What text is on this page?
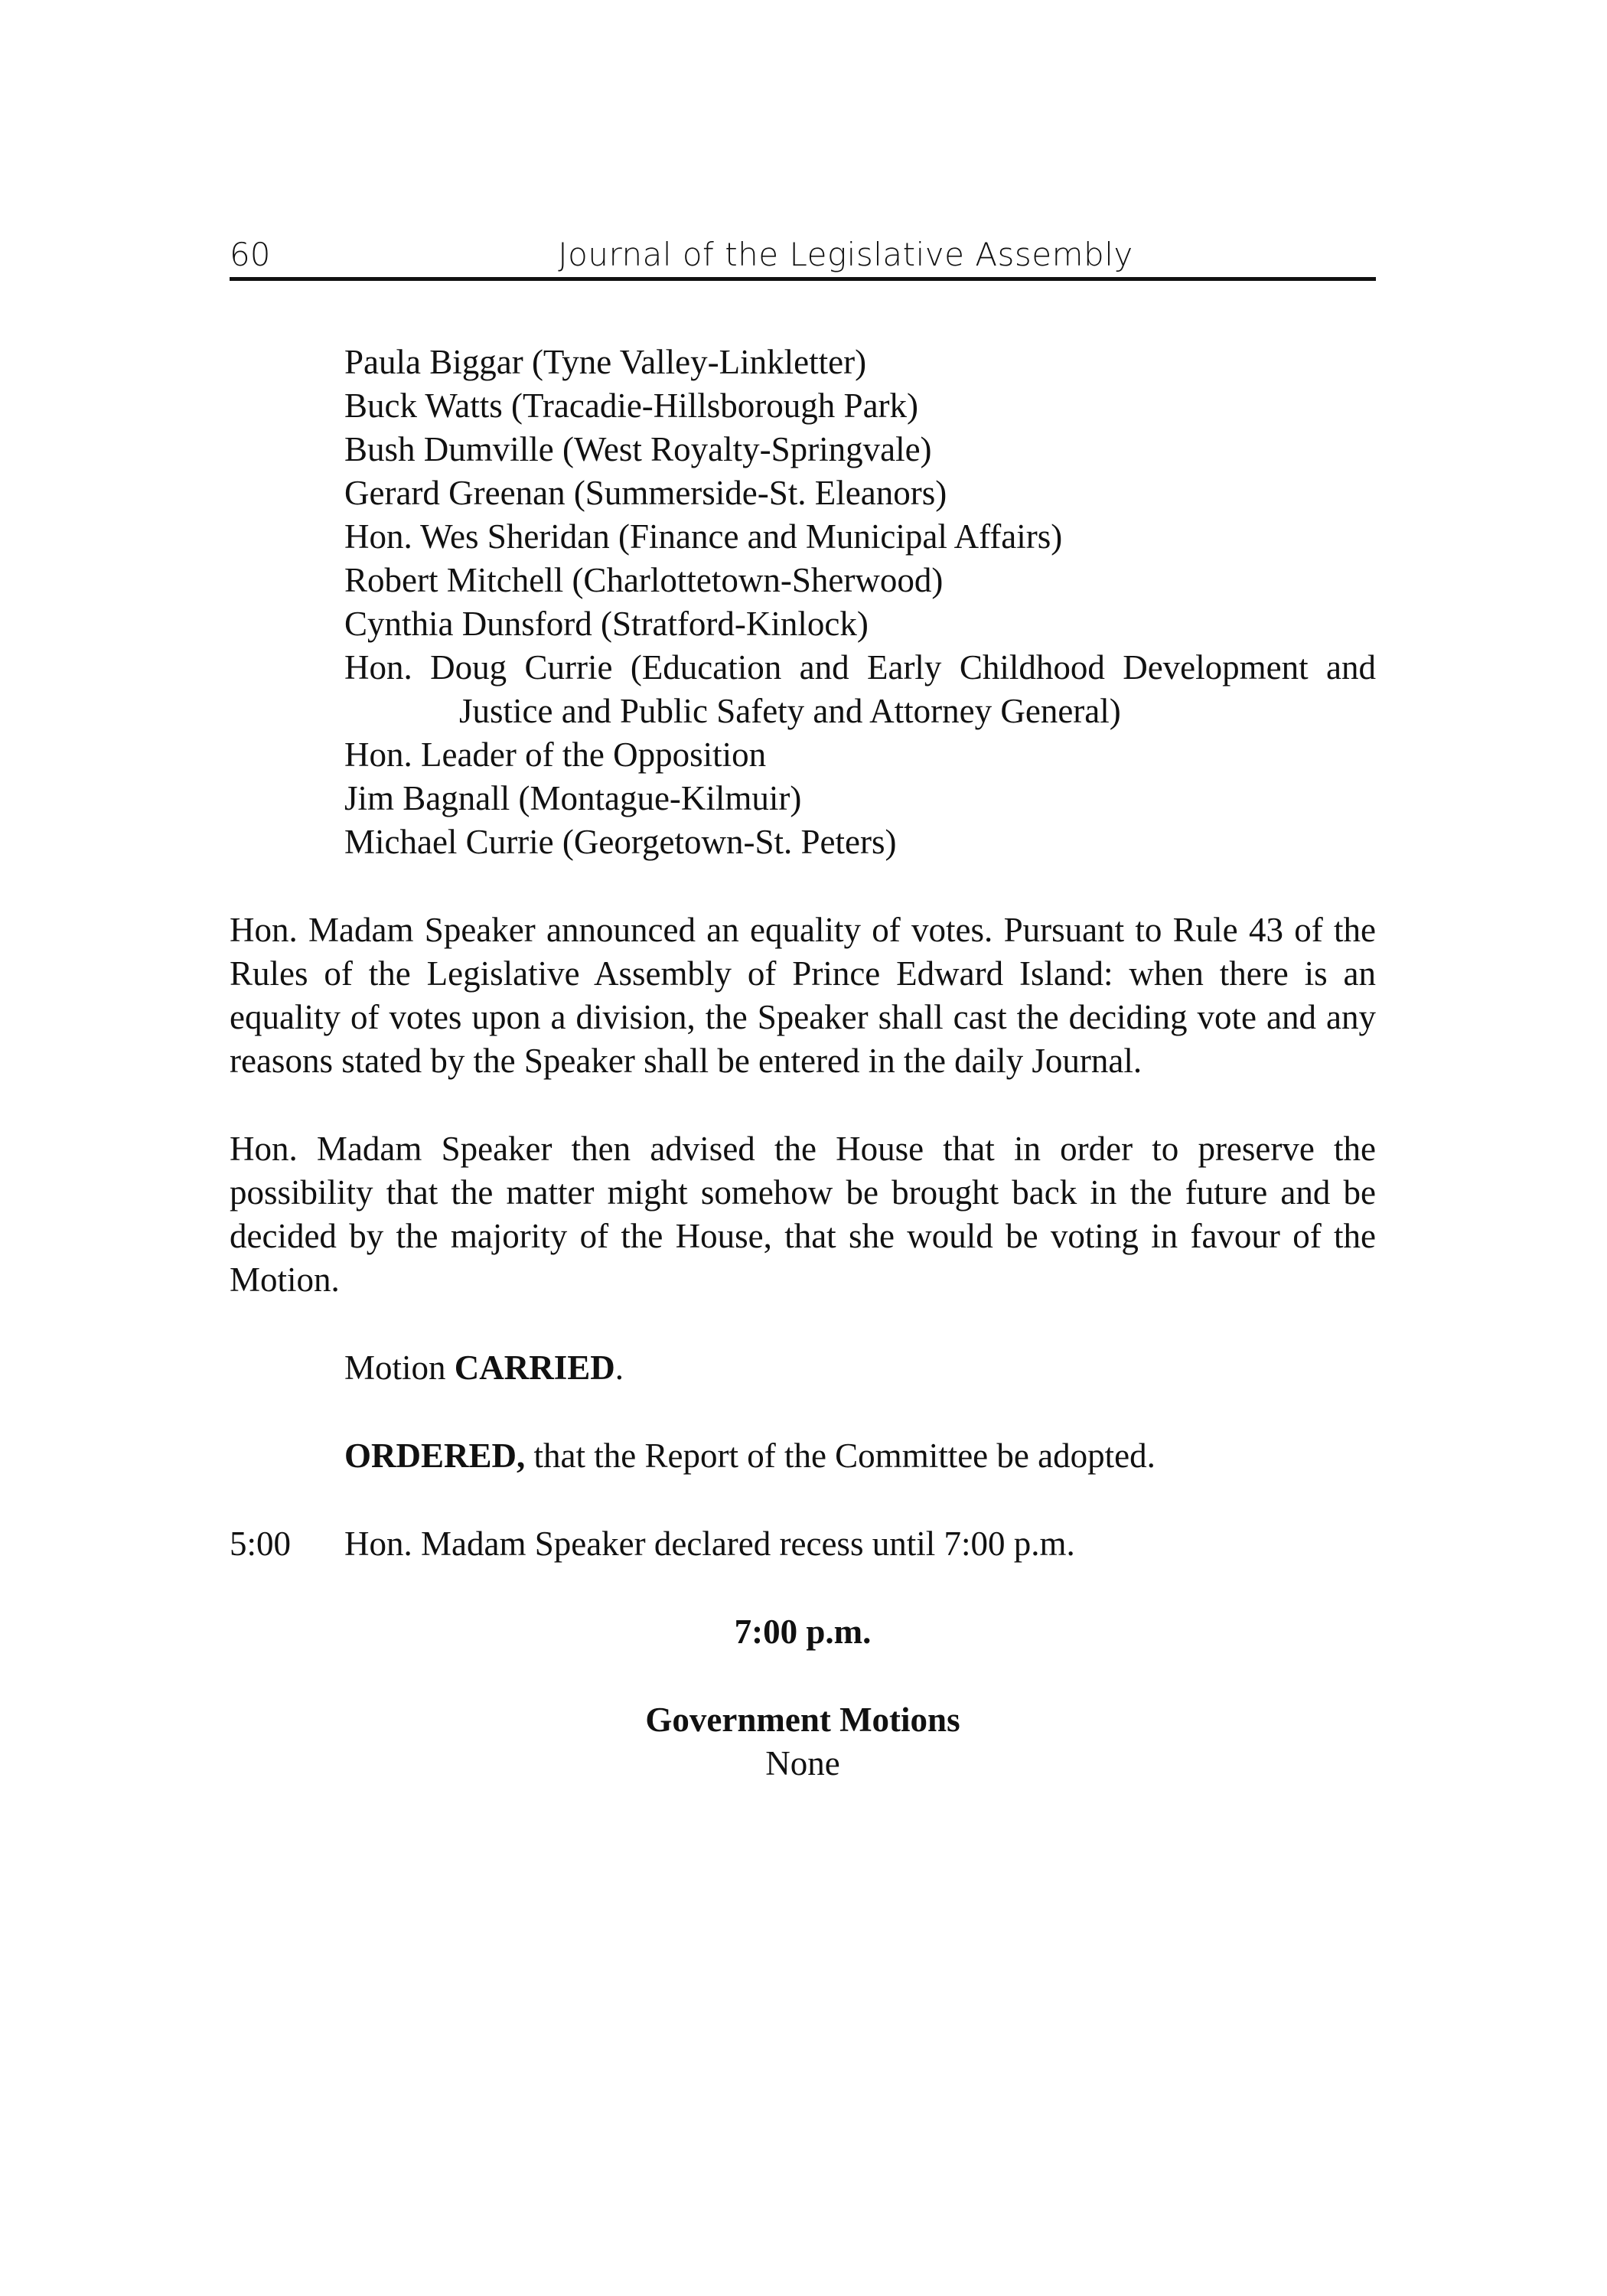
60	Journal of the Legislative Assembly
Paula Biggar (Tyne Valley-Linkletter)
Buck Watts (Tracadie-Hillsborough Park)
Bush Dumville (West Royalty-Springvale)
Gerard Greenan (Summerside-St. Eleanors)
Hon. Wes Sheridan (Finance and Municipal Affairs)
Robert Mitchell (Charlottetown-Sherwood)
Cynthia Dunsford (Stratford-Kinlock)
Hon. Doug Currie (Education and Early Childhood Development and Justice and Public Safety and Attorney General)
Hon. Leader of the Opposition
Jim Bagnall (Montague-Kilmuir)
Michael Currie (Georgetown-St. Peters)

Hon. Madam Speaker announced an equality of votes. Pursuant to Rule 43 of the Rules of the Legislative Assembly of Prince Edward Island: when there is an equality of votes upon a division, the Speaker shall cast the deciding vote and any reasons stated by the Speaker shall be entered in the daily Journal.

Hon. Madam Speaker then advised the House that in order to preserve the possibility that the matter might somehow be brought back in the future and be decided by the majority of the House, that she would be voting in favour of the Motion.

Motion CARRIED.

ORDERED, that the Report of the Committee be adopted.

5:00	Hon. Madam Speaker declared recess until 7:00 p.m.

7:00 p.m.

Government Motions

None
